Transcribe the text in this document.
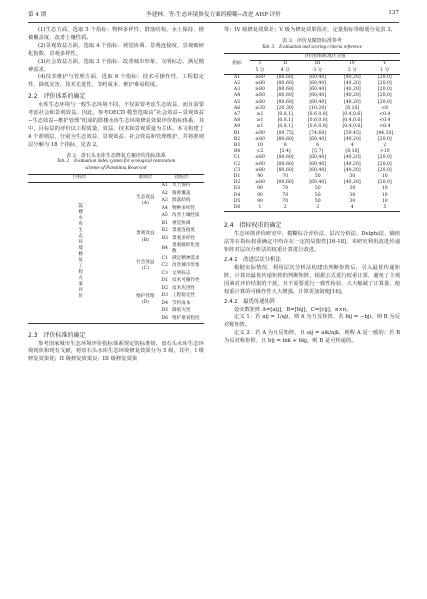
第 4 期	李建林，等:生态环境修复方案的模糊−改进 AHP 评价	137

(1)生态方面，选取 5 个指标：物种多样性、群落结构、水土保持、植被覆盖度、改善土壤性质。

(2)景观效益方面，选取 4 个指标：视觉协调、景观连接度、景观破碎化指数、景观多样性。

(3)社会效益方面，选取 3 个指标：改善城市形象、文明标志、满足精神需求。

(4)技术维护与管理方面，选取 6 个指标：技术可操作性、工程稳定性、降低灾害、技术先进性、节约成本、维护难易程度。

2.2　评价体系的确定

水库生态环境与一般生态环境不同，不仅需要考虑生态效益，而且需要考虑社会和景观效益。因此，参考OECD 模型选取由“社会效益−景观效益−生态效益−维护管理”组成的鼓楼水库生态环境修复效果评价指标体系，其中，目标层的评价以工程质量、效益、技术和景观质量为主体。本文构建了 4 个准则层，分别为生态效益、景观效益、社会效益和管理维护，并将准则层分解为 18 个指标，见表 2。

表 2　盘石头水库生态修复方案评价指标体系
Tab. 2　Evaluation index system for ecological restoration
scheme of Panshitou Reservoir
目标层	准则层	指标层	
鼓楼水库生态环境修复工程方案评价	生态效益(A)	A1	水土保持
		A2	植被覆盖
		A3	群落结构
		A4	物种多样性
		A5	改善土壤性质
	景观效益(B)	B1	视觉协调
		B2	景观连接度
		B3	景观多样性
		B4	景观破碎化指数
	社会效益(C)	C1	满足精神需求
		C2	改善城市形象
		C3	文明标志
	维护管理(D)	D1	技术可操作性
		D2	技术先进性
		D3	工程稳定性
		D4	节约成本
		D5	降低灾害
		D6	维护难易程度
2.3　评价标准的确定

参考国家城市生态环境评价指标体系规定的标准值，盘石头水库生态环境现状和现有文献，将盘石头水库生态环境修复效果分为 5 级，其中，I 级修复效果优；II 级修复效果良；III 级修复效果

等；IV 级修复效果差；V 级为修复效果很差，定量指标等级划分见表 3。

表 3　评价及赋值标准参考
Tab. 3　Evaluation and scoring criteria reference
指标	评价指标标准区分值				
	I	II	III	IV	V
	5 分	4 分	3 分	2 分	1 分
A1	≥80	[80,60]	[60,40]	[40,20]	[20,0]
A2	≥80	[80,60]	[60,40]	[40,20]	[20,0]
A3	≥80	[80,60]	[60,40]	[40,20]	[20,0]
A4	≥80	[80,60]	[60,40]	[40,20]	[20,0]
A5	≥80	[80,60]	[60,40]	[40,20]	[20,0]
A6	≥30	[20,30]	[10,20]	[6,10]	<6
A7	≥1	[0.8,1]	[0.6,0.8]	[0.4,0.6]	<0.4
A8	≥1	[0.8,1]	[0.6,0.8]	[0.4,0.6]	<0.4
A9	≥1	[0.8,1]	[0.6,0.8]	[0.4,0.6]	<0.4
B1	≥90	[89,75]	[74,60]	[59,45]	[44,30]
B2	≥80	[80,60]	[60,40]	[40,20]	[20,0]
B3	10	8	6	4	2
B4	<2	[3-4]	[5,7]	[8,10]	>10
C1	≥80	[80,60]	[60,40]	[40,20]	[20,0]
C2	≥80	[80,60]	[60,40]	[40,20]	[20,0]
C3	≥80	[80,60]	[60,40]	[40,20]	[20,0]
D1	90	70	50	30	10
D2	≥80	[80,60]	[60,40]	[40,20]	[20,0]
D3	90	70	50	30	10
D4	90	70	50	30	10
D5	90	70	50	30	10
D6	1	2	3	4	5
2.4　指标权重的确定

生态环境评价研究中，模糊综合评价法、层次分析法、Delphi法、熵值法等在指标权重确定中均存在一定的局限性[16-18]，本研究利用改进传递矩阵对层次分析法的权重计算进行改进。

2.4.1　改进层次分析法

根据实际情况，利用层次分析法构建出判断矩阵后，引入最优传递矩阵，计算出最优传递矩阵的判断矩阵，根据公式进行权重计算，避免了主观因素对评价结果的干扰，且不需要进行一致性检验，大大缩减了计算量，使权重计算的可操作性大大增强，计算更加简便[16]。

2.4.2　最优传递矩阵

设实数矩阵 A=[aij]，B=[bij]，C=[cij]，n×n。

定义 1：若 aij = 1/aji，则 A 为互反矩阵，若 bij = −bji，则 B 为反对称矩阵。

定义 2：若 A 为互反矩阵，且 aij = aik/ajk，则称 A 是一致的；若 B 为反对称矩阵，且 bij = bik + bkj，则 B 是可传递的。
